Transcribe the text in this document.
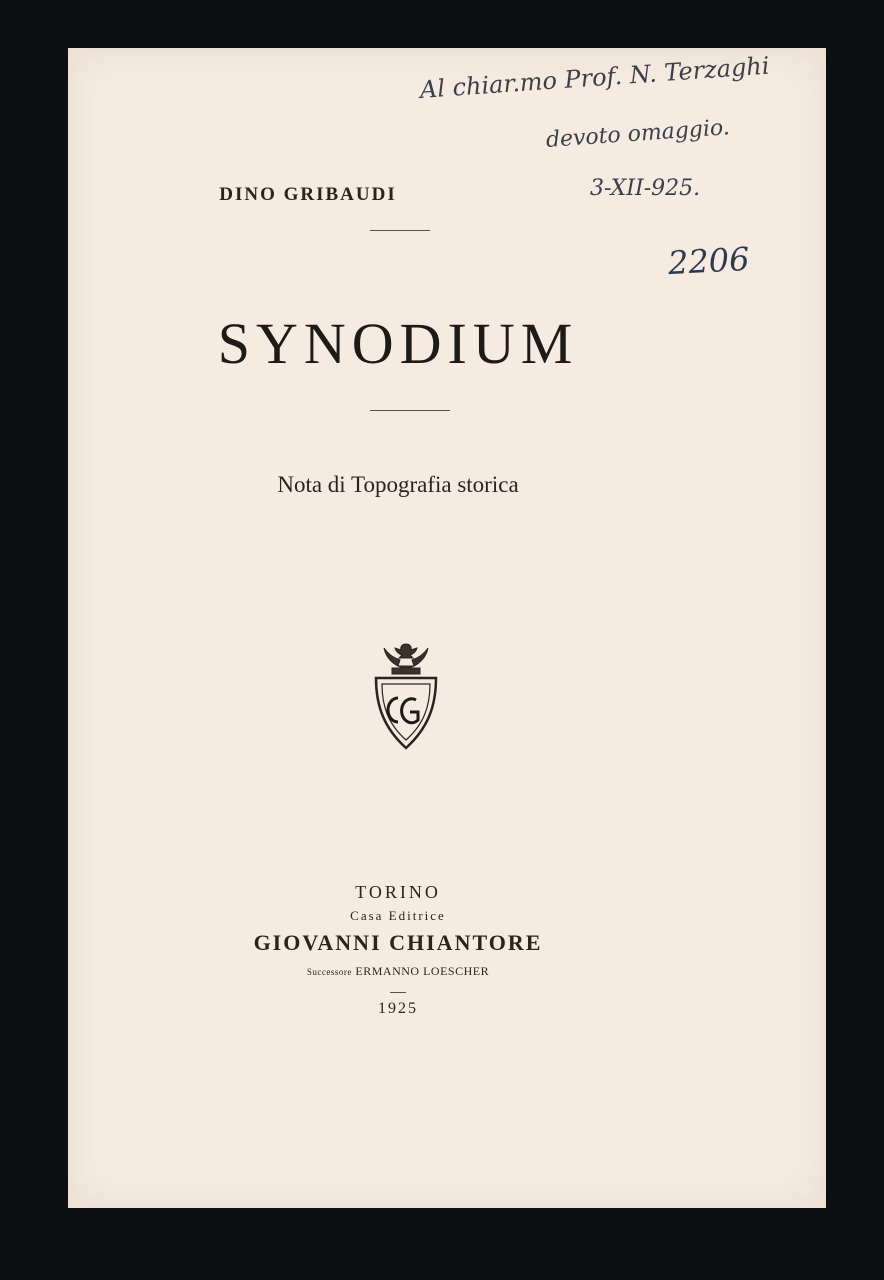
Al chiar.mo Prof. N. Terzaghi
devoto omaggio.
3-XII-925.
2206
DINO GRIBAUDI
SYNODIUM
Nota di Topografia storica
TORINO
Casa Editrice
GIOVANNI CHIANTORE
Successore ERMANNO LOESCHER
1925
